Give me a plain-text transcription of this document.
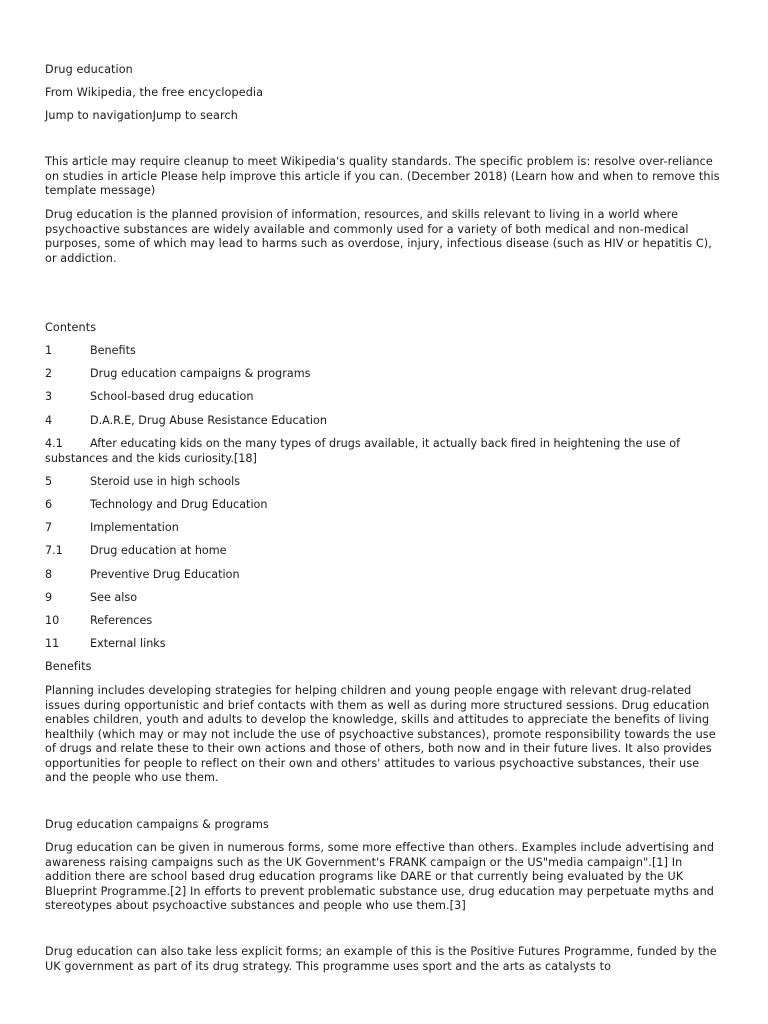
Drug education
From Wikipedia, the free encyclopedia
Jump to navigationJump to search
This article may require cleanup to meet Wikipedia's quality standards. The specific problem is: resolve over-reliance on studies in article Please help improve this article if you can. (December 2018) (Learn how and when to remove this template message)
Drug education is the planned provision of information, resources, and skills relevant to living in a world where psychoactive substances are widely available and commonly used for a variety of both medical and non-medical purposes, some of which may lead to harms such as overdose, injury, infectious disease (such as HIV or hepatitis C), or addiction.
Contents
1	Benefits
2	Drug education campaigns & programs
3	School-based drug education
4	D.A.R.E, Drug Abuse Resistance Education
4.1 After educating kids on the many types of drugs available, it actually back fired in heightening the use of substances and the kids curiosity.[18]
5	Steroid use in high schools
6	Technology and Drug Education
7	Implementation
7.1 Drug education at home
8	Preventive Drug Education
9	See also
10	References
11	External links
Benefits
Planning includes developing strategies for helping children and young people engage with relevant drug-related issues during opportunistic and brief contacts with them as well as during more structured sessions. Drug education enables children, youth and adults to develop the knowledge, skills and attitudes to appreciate the benefits of living healthily (which may or may not include the use of psychoactive substances), promote responsibility towards the use of drugs and relate these to their own actions and those of others, both now and in their future lives. It also provides opportunities for people to reflect on their own and others' attitudes to various psychoactive substances, their use and the people who use them.
Drug education campaigns & programs
Drug education can be given in numerous forms, some more effective than others. Examples include advertising and awareness raising campaigns such as the UK Government's FRANK campaign or the US"media campaign".[1] In addition there are school based drug education programs like DARE or that currently being evaluated by the UK Blueprint Programme.[2] In efforts to prevent problematic substance use, drug education may perpetuate myths and stereotypes about psychoactive substances and people who use them.[3]
Drug education can also take less explicit forms; an example of this is the Positive Futures Programme, funded by the UK government as part of its drug strategy. This programme uses sport and the arts as catalysts to
